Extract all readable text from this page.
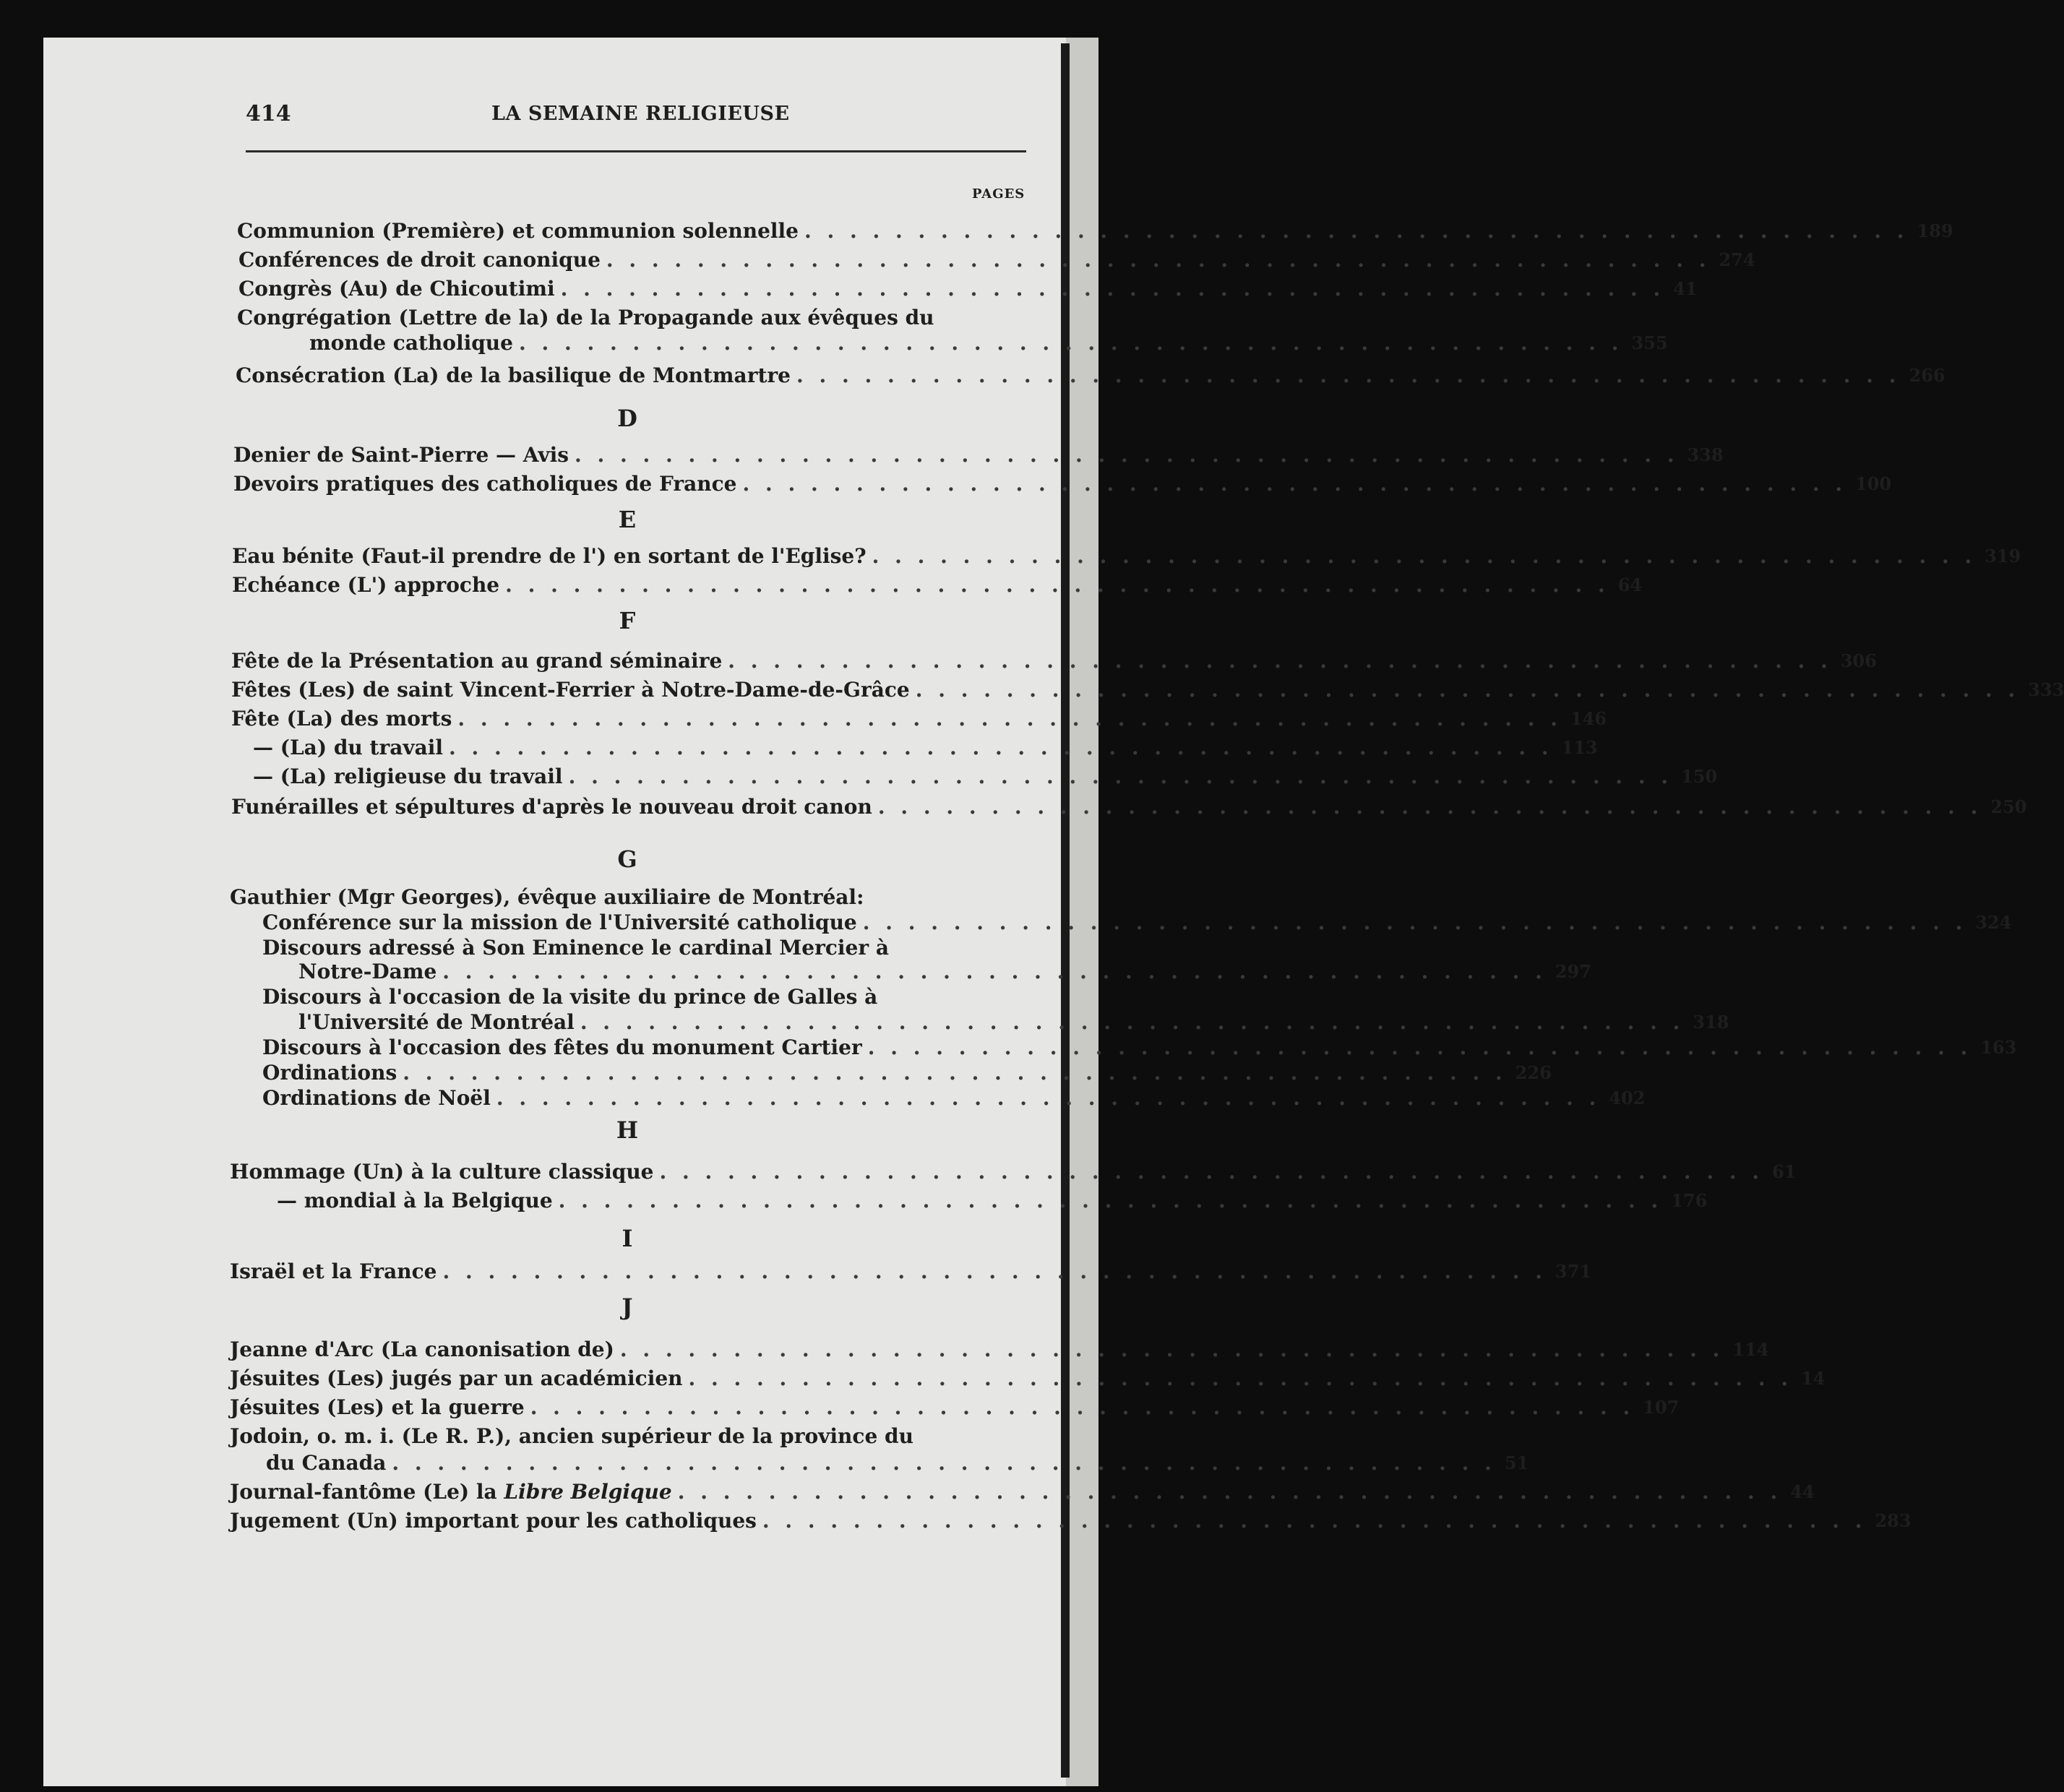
414	LA SEMAINE RELIGIEUSE
PAGES
D
E
F
G
H
I
J
Communion (Première) et communion solennelle . . . . . . . . . . . . . . . . . . . . . . . . . . . . . . . . . . . . . . . . . . . . . . . . . 189
Conférences de droit canonique . . . . . . . . . . . . . . . . . . . . . . . . . . . . . . . . . . . . . . . . . . . . . . . . . 274
Congrès (Au) de Chicoutimi . . . . . . . . . . . . . . . . . . . . . . . . . . . . . . . . . . . . . . . . . . . . . . . . . 41
Congrégation (Lettre de la) de la Propagande aux évêques du
monde catholique . . . . . . . . . . . . . . . . . . . . . . . . . . . . . . . . . . . . . . . . . . . . . . . . . 355
Consécration (La) de la basilique de Montmartre . . . . . . . . . . . . . . . . . . . . . . . . . . . . . . . . . . . . . . . . . . . . . . . . . 266
Denier de Saint-Pierre — Avis . . . . . . . . . . . . . . . . . . . . . . . . . . . . . . . . . . . . . . . . . . . . . . . . . 338
Devoirs pratiques des catholiques de France . . . . . . . . . . . . . . . . . . . . . . . . . . . . . . . . . . . . . . . . . . . . . . . . . 100
Eau bénite (Faut-il prendre de l') en sortant de l'Eglise? . . . . . . . . . . . . . . . . . . . . . . . . . . . . . . . . . . . . . . . . . . . . . . . . . 319
Echéance (L') approche . . . . . . . . . . . . . . . . . . . . . . . . . . . . . . . . . . . . . . . . . . . . . . . . . 64
Fête de la Présentation au grand séminaire . . . . . . . . . . . . . . . . . . . . . . . . . . . . . . . . . . . . . . . . . . . . . . . . . 306
Fêtes (Les) de saint Vincent-Ferrier à Notre-Dame-de-Grâce . . . . . . . . . . . . . . . . . . . . . . . . . . . . . . . . . . . . . . . . . . . . . . . . . 333
Fête (La) des morts . . . . . . . . . . . . . . . . . . . . . . . . . . . . . . . . . . . . . . . . . . . . . . . . . 146
— (La) du travail . . . . . . . . . . . . . . . . . . . . . . . . . . . . . . . . . . . . . . . . . . . . . . . . . 113
— (La) religieuse du travail . . . . . . . . . . . . . . . . . . . . . . . . . . . . . . . . . . . . . . . . . . . . . . . . . 150
Funérailles et sépultures d'après le nouveau droit canon . . . . . . . . . . . . . . . . . . . . . . . . . . . . . . . . . . . . . . . . . . . . . . . . . 250
Gauthier (Mgr Georges), évêque auxiliaire de Montréal:
Conférence sur la mission de l'Université catholique . . . . . . . . . . . . . . . . . . . . . . . . . . . . . . . . . . . . . . . . . . . . . . . . . 324
Discours adressé à Son Eminence le cardinal Mercier à
Notre-Dame . . . . . . . . . . . . . . . . . . . . . . . . . . . . . . . . . . . . . . . . . . . . . . . . . 297
Discours à l'occasion de la visite du prince de Galles à
l'Université de Montréal . . . . . . . . . . . . . . . . . . . . . . . . . . . . . . . . . . . . . . . . . . . . . . . . . 318
Discours à l'occasion des fêtes du monument Cartier . . . . . . . . . . . . . . . . . . . . . . . . . . . . . . . . . . . . . . . . . . . . . . . . . 163
Ordinations . . . . . . . . . . . . . . . . . . . . . . . . . . . . . . . . . . . . . . . . . . . . . . . . . 226
Ordinations de Noël . . . . . . . . . . . . . . . . . . . . . . . . . . . . . . . . . . . . . . . . . . . . . . . . . 402
Hommage (Un) à la culture classique . . . . . . . . . . . . . . . . . . . . . . . . . . . . . . . . . . . . . . . . . . . . . . . . . 61
— mondial à la Belgique . . . . . . . . . . . . . . . . . . . . . . . . . . . . . . . . . . . . . . . . . . . . . . . . . 176
Israël et la France . . . . . . . . . . . . . . . . . . . . . . . . . . . . . . . . . . . . . . . . . . . . . . . . . 371
Jeanne d'Arc (La canonisation de) . . . . . . . . . . . . . . . . . . . . . . . . . . . . . . . . . . . . . . . . . . . . . . . . . 114
Jésuites (Les) jugés par un académicien . . . . . . . . . . . . . . . . . . . . . . . . . . . . . . . . . . . . . . . . . . . . . . . . . 14
Jésuites (Les) et la guerre . . . . . . . . . . . . . . . . . . . . . . . . . . . . . . . . . . . . . . . . . . . . . . . . . 107
Jodoin, o. m. i. (Le R. P.), ancien supérieur de la province du
du Canada . . . . . . . . . . . . . . . . . . . . . . . . . . . . . . . . . . . . . . . . . . . . . . . . . 51
Journal-fantôme (Le) la Libre Belgique . . . . . . . . . . . . . . . . . . . . . . . . . . . . . . . . . . . . . . . . . . . . . . . . . 44
Jugement (Un) important pour les catholiques . . . . . . . . . . . . . . . . . . . . . . . . . . . . . . . . . . . . . . . . . . . . . . . . . 283
